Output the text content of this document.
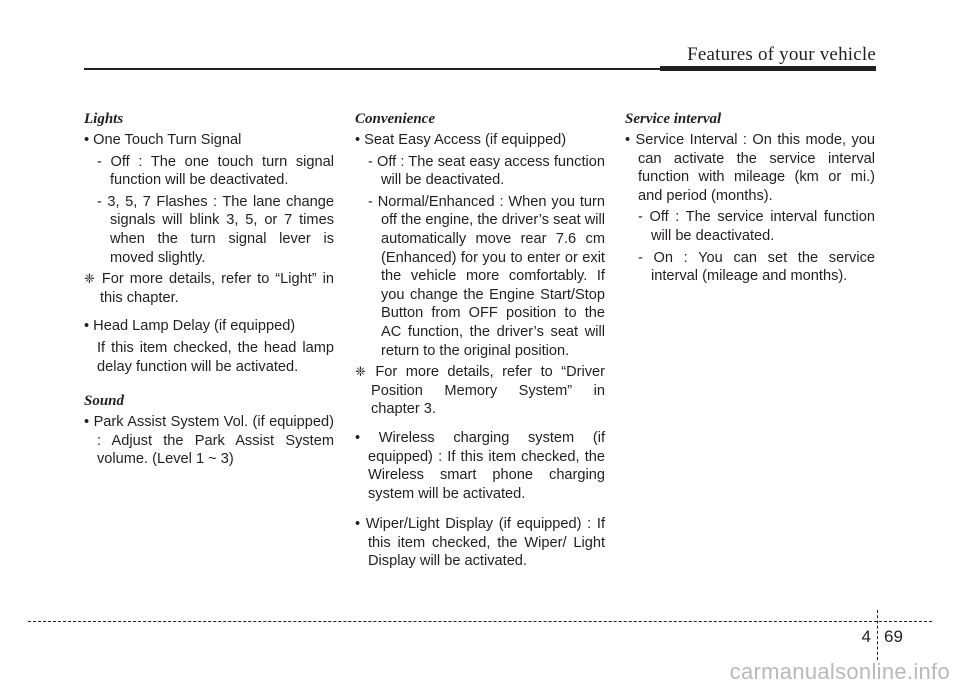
Features of your vehicle
Lights
• One Touch Turn Signal
- Off : The one touch turn signal function will be deactivated.
- 3, 5, 7 Flashes : The lane change signals will blink 3, 5, or 7 times when the turn signal lever is moved slightly.
❈ For more details, refer to “Light” in this chapter.
• Head Lamp Delay (if equipped)
If this item checked, the head lamp delay function will be activated.
Sound
• Park Assist System Vol. (if equipped) : Adjust the Park Assist System volume. (Level 1 ~ 3)
Convenience
• Seat Easy Access (if equipped)
- Off : The seat easy access function will be deactivated.
- Normal/Enhanced : When you turn off the engine, the driver’s seat will automatically move rear 7.6 cm (Enhanced) for you to enter or exit the vehicle more comfortably. If you change the Engine Start/Stop Button from OFF position to the AC function, the driver’s seat will return to the original position.
❈ For more details, refer to “Driver Position Memory System” in chapter 3.
• Wireless charging system (if equipped) : If this item checked, the Wireless smart phone charging system will be activated.
• Wiper/Light Display (if equipped) : If this item checked, the Wiper/ Light Display will be activated.
Service interval
• Service Interval : On this mode, you can activate the service interval function with mileage (km or mi.) and period (months).
- Off : The service interval function will be deactivated.
- On : You can set the service interval (mileage and months).
4 69
carmanualsonline.info
